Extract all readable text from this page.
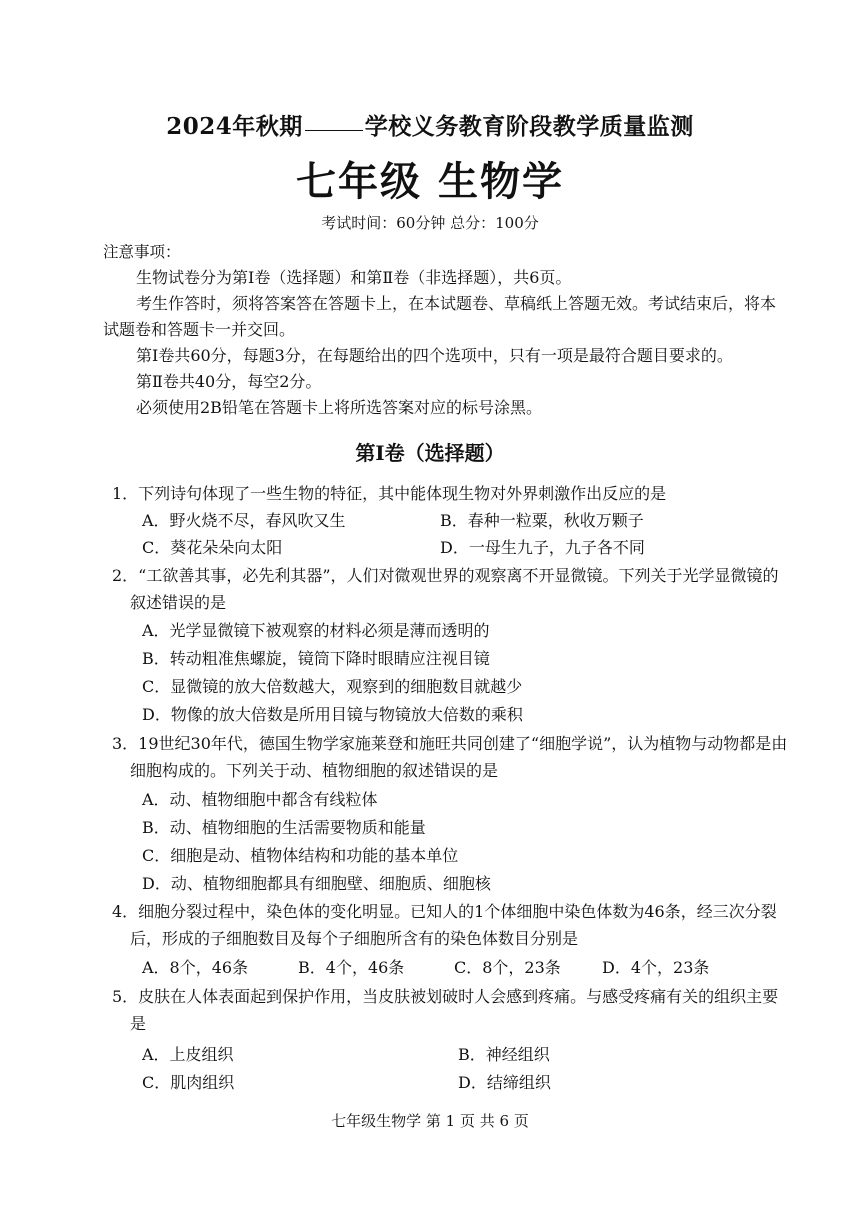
2024年秋期	学校义务教育阶段教学质量监测
七年级 生物学
考试时间：60分钟 总分：100分
注意事项：
生物试卷分为第Ⅰ卷（选择题）和第Ⅱ卷（非选择题），共6页。
考生作答时，须将答案答在答题卡上，在本试题卷、草稿纸上答题无效。考试结束后，将本试题卷和答题卡一并交回。
第Ⅰ卷共60分，每题3分，在每题给出的四个选项中，只有一项是最符合题目要求的。
第Ⅱ卷共40分，每空2分。
必须使用2B铅笔在答题卡上将所选答案对应的标号涂黑。
第Ⅰ卷（选择题）
1．下列诗句体现了一些生物的特征，其中能体现生物对外界刺激作出反应的是
A．野火烧不尽，春风吹又生	B．春种一粒粟，秋收万颗子
C．葵花朵朵向太阳	D．一母生九子，九子各不同
2．“工欲善其事，必先利其器”，人们对微观世界的观察离不开显微镜。下列关于光学显微镜的叙述错误的是
A．光学显微镜下被观察的材料必须是薄而透明的
B．转动粗准焦螺旋，镜筒下降时眼睛应注视目镜
C．显微镜的放大倍数越大，观察到的细胞数目就越少
D．物像的放大倍数是所用目镜与物镜放大倍数的乘积
3．19世纪30年代，德国生物学家施莱登和施旺共同创建了“细胞学说”，认为植物与动物都是由细胞构成的。下列关于动、植物细胞的叙述错误的是
A．动、植物细胞中都含有线粒体
B．动、植物细胞的生活需要物质和能量
C．细胞是动、植物体结构和功能的基本单位
D．动、植物细胞都具有细胞壁、细胞质、细胞核
4．细胞分裂过程中，染色体的变化明显。已知人的1个体细胞中染色体数为46条，经三次分裂后，形成的子细胞数目及每个子细胞所含有的染色体数目分别是
A．8个，46条	B．4个，46条	C．8个，23条	D．4个，23条
5．皮肤在人体表面起到保护作用，当皮肤被划破时人会感到疼痛。与感受疼痛有关的组织主要是
A．上皮组织	B．神经组织
C．肌肉组织	D．结缔组织
七年级生物学 第 1 页 共 6 页
